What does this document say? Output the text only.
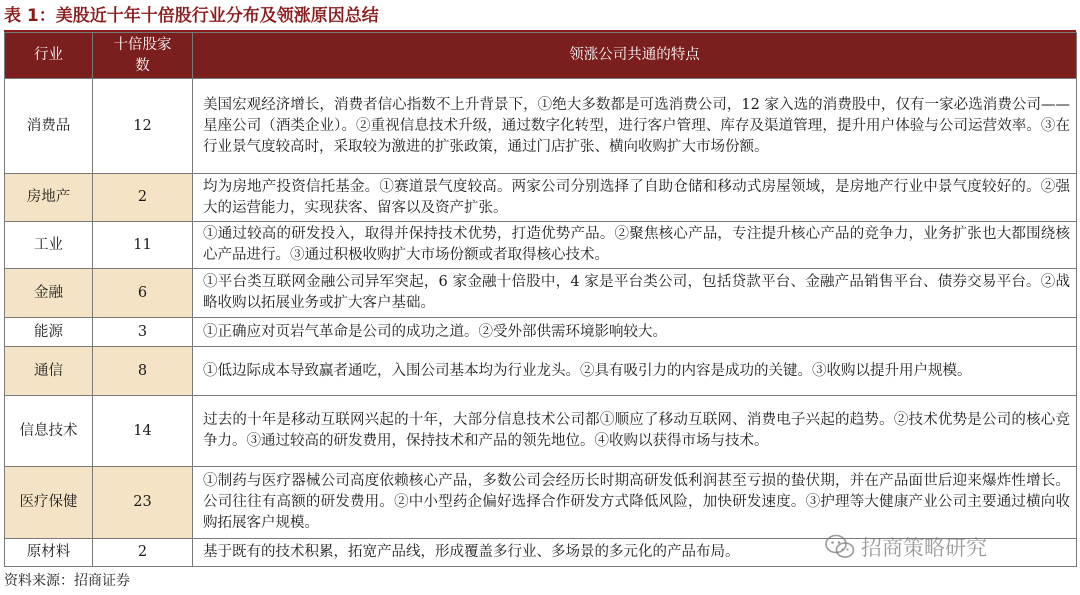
表 1：美股近十年十倍股行业分布及领涨原因总结
行业	十倍股家数	领涨公司共通的特点
消费品	12	美国宏观经济增长，消费者信心指数不上升背景下，①绝大多数都是可选消费公司，12 家入选的消费股中，仅有一家必选消费公司——星座公司（酒类企业）。②重视信息技术升级，通过数字化转型，进行客户管理、库存及渠道管理，提升用户体验与公司运营效率。③在行业景气度较高时，采取较为激进的扩张政策，通过门店扩张、横向收购扩大市场份额。
房地产	2	均为房地产投资信托基金。①赛道景气度较高。两家公司分别选择了自助仓储和移动式房屋领域，是房地产行业中景气度较好的。②强大的运营能力，实现获客、留客以及资产扩张。
工业	11	①通过较高的研发投入，取得并保持技术优势，打造优势产品。②聚焦核心产品，专注提升核心产品的竞争力，业务扩张也大都围绕核心产品进行。③通过积极收购扩大市场份额或者取得核心技术。
金融	6	①平台类互联网金融公司异军突起，6 家金融十倍股中，4 家是平台类公司，包括贷款平台、金融产品销售平台、债券交易平台。②战略收购以拓展业务或扩大客户基础。
能源	3	①正确应对页岩气革命是公司的成功之道。②受外部供需环境影响较大。
通信	8	①低边际成本导致赢者通吃，入围公司基本均为行业龙头。②具有吸引力的内容是成功的关键。③收购以提升用户规模。
信息技术	14	过去的十年是移动互联网兴起的十年，大部分信息技术公司都①顺应了移动互联网、消费电子兴起的趋势。②技术优势是公司的核心竞争力。③通过较高的研发费用，保持技术和产品的领先地位。④收购以获得市场与技术。
医疗保健	23	①制药与医疗器械公司高度依赖核心产品，多数公司会经历长时期高研发低利润甚至亏损的蛰伏期，并在产品面世后迎来爆炸性增长。公司往往有高额的研发费用。②中小型药企偏好选择合作研发方式降低风险，加快研发速度。③护理等大健康产业公司主要通过横向收购拓展客户规模。
原材料	2	基于既有的技术积累，拓宽产品线，形成覆盖多行业、多场景的多元化的产品布局。
资料来源：招商证券
招商策略研究
